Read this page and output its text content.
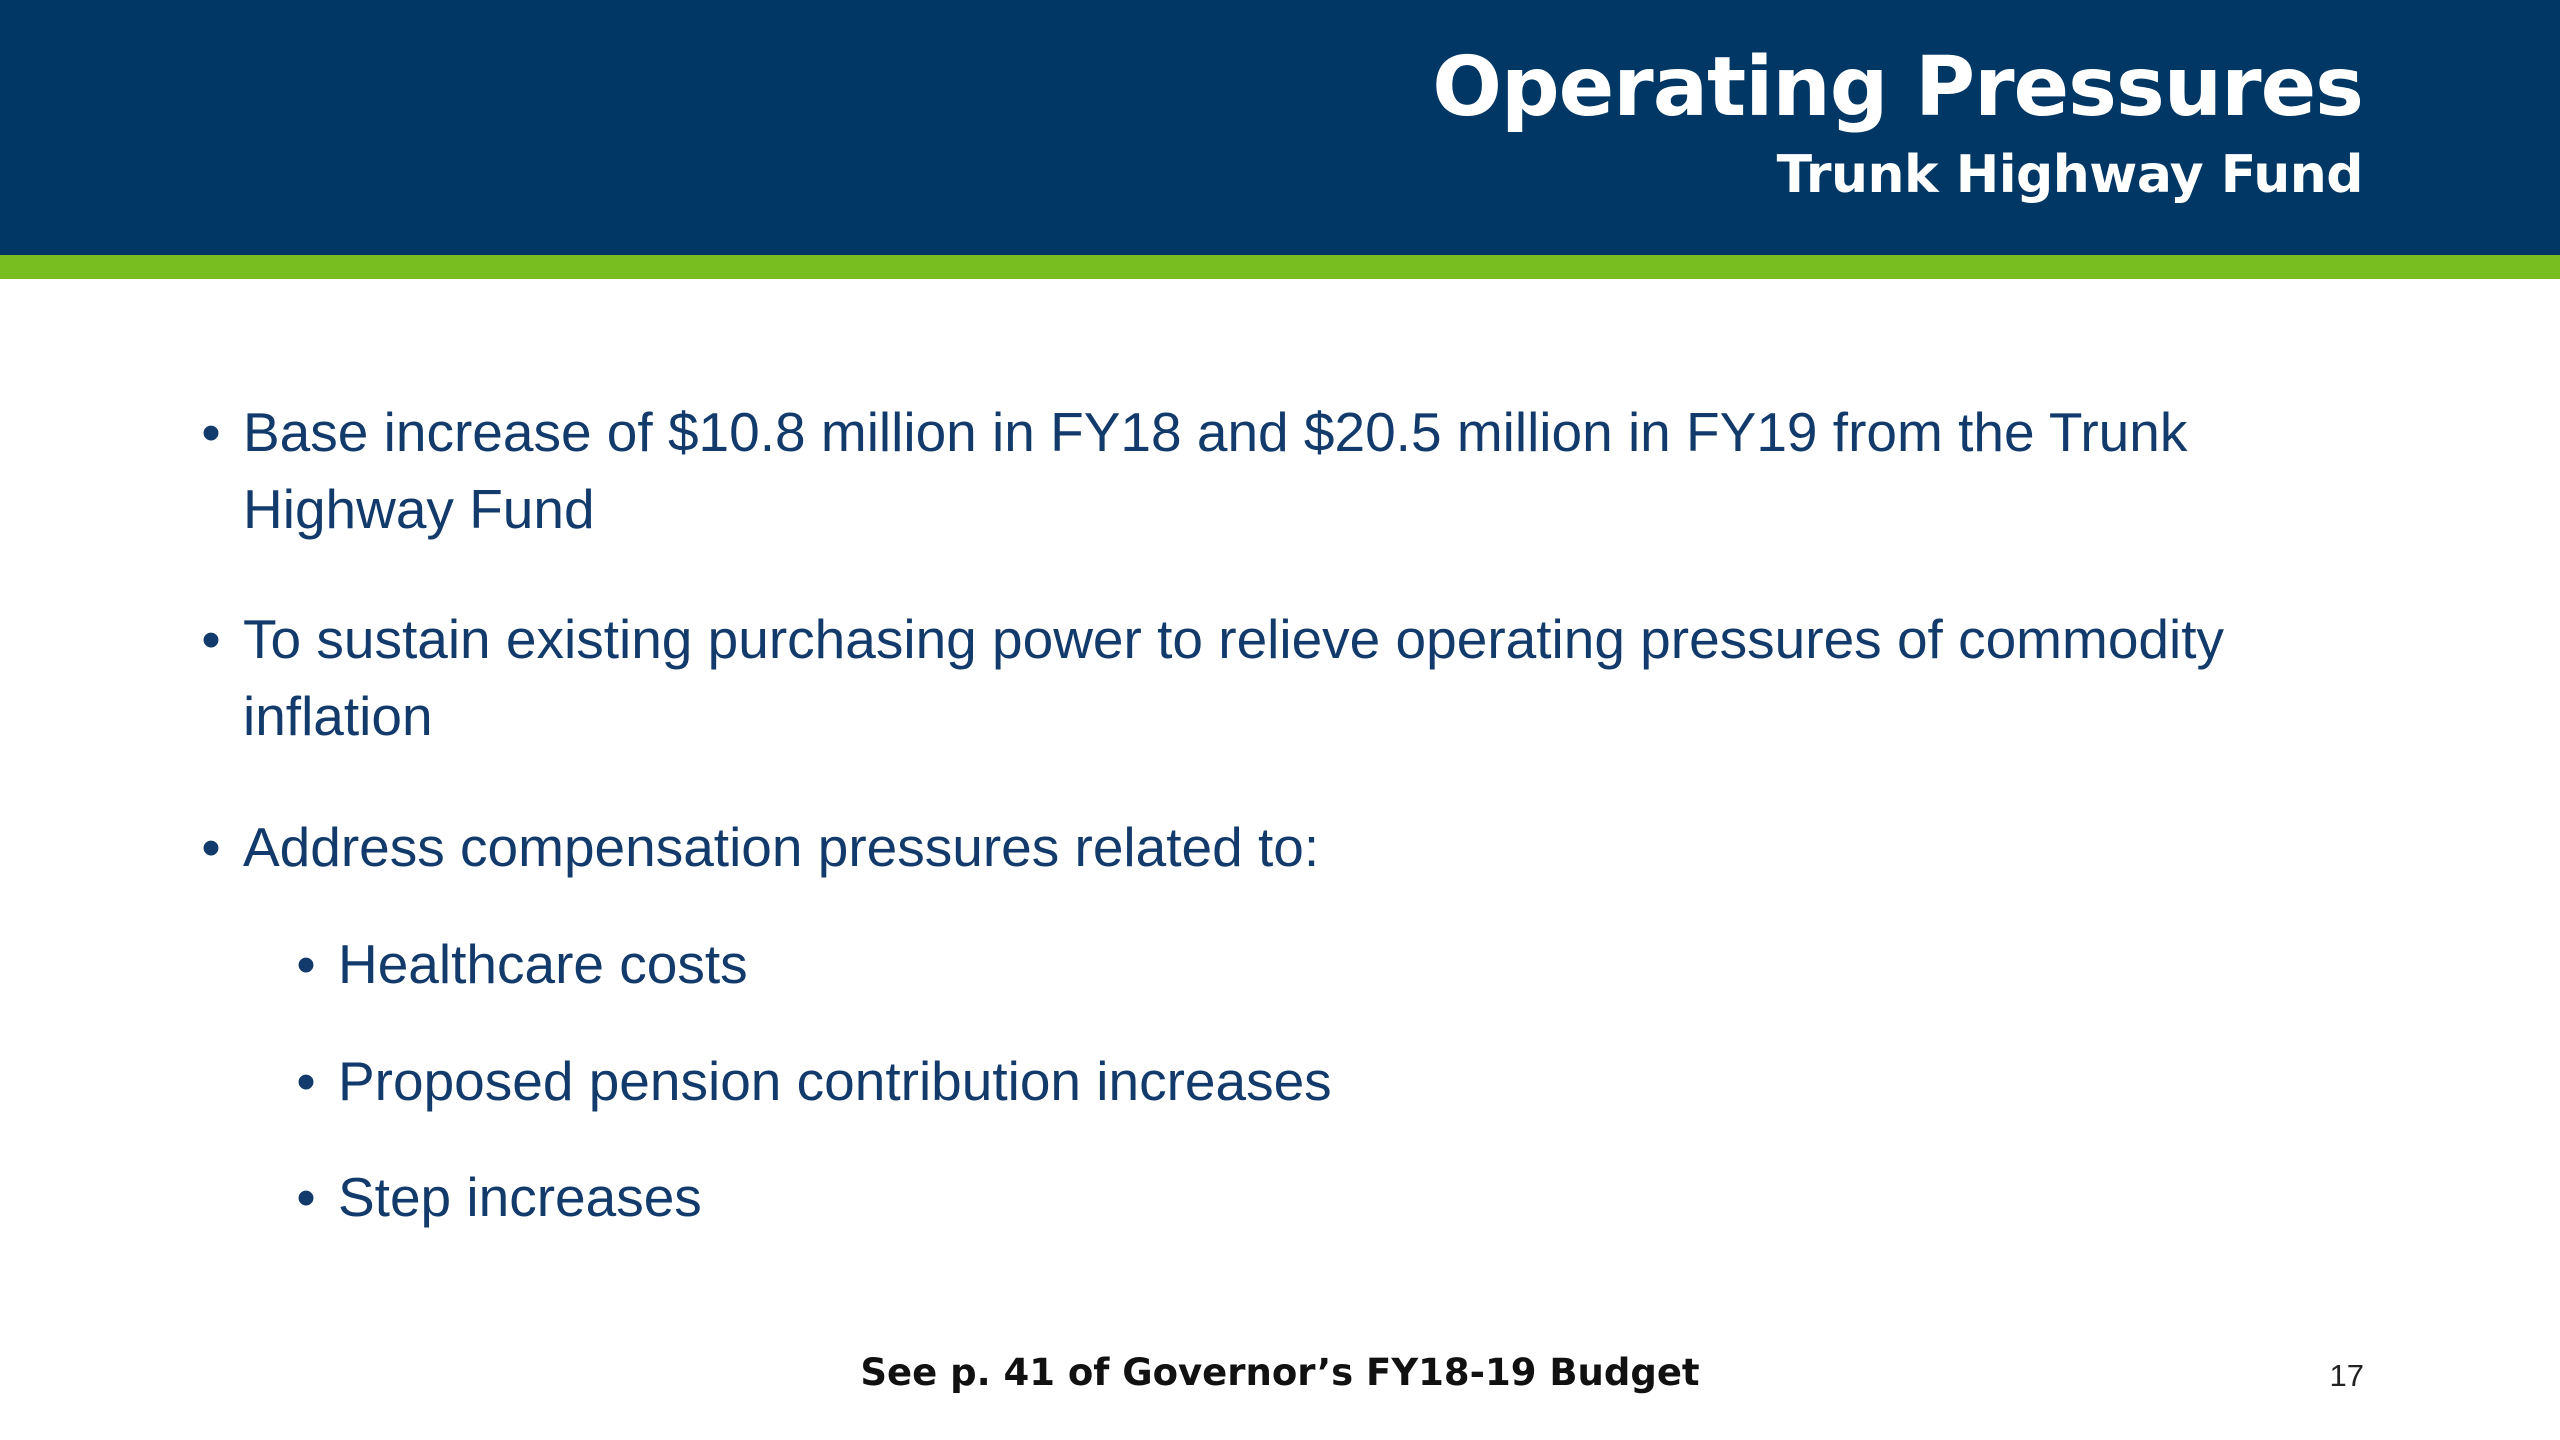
Operating Pressures
Trunk Highway Fund
• Base increase of $10.8 million in FY18 and $20.5 million in FY19 from the Trunk Highway Fund
• To sustain existing purchasing power to relieve operating pressures of commodity inflation
• Address compensation pressures related to:
• Healthcare costs
• Proposed pension contribution increases
• Step increases
See p. 41 of Governor’s FY18-19 Budget	17
